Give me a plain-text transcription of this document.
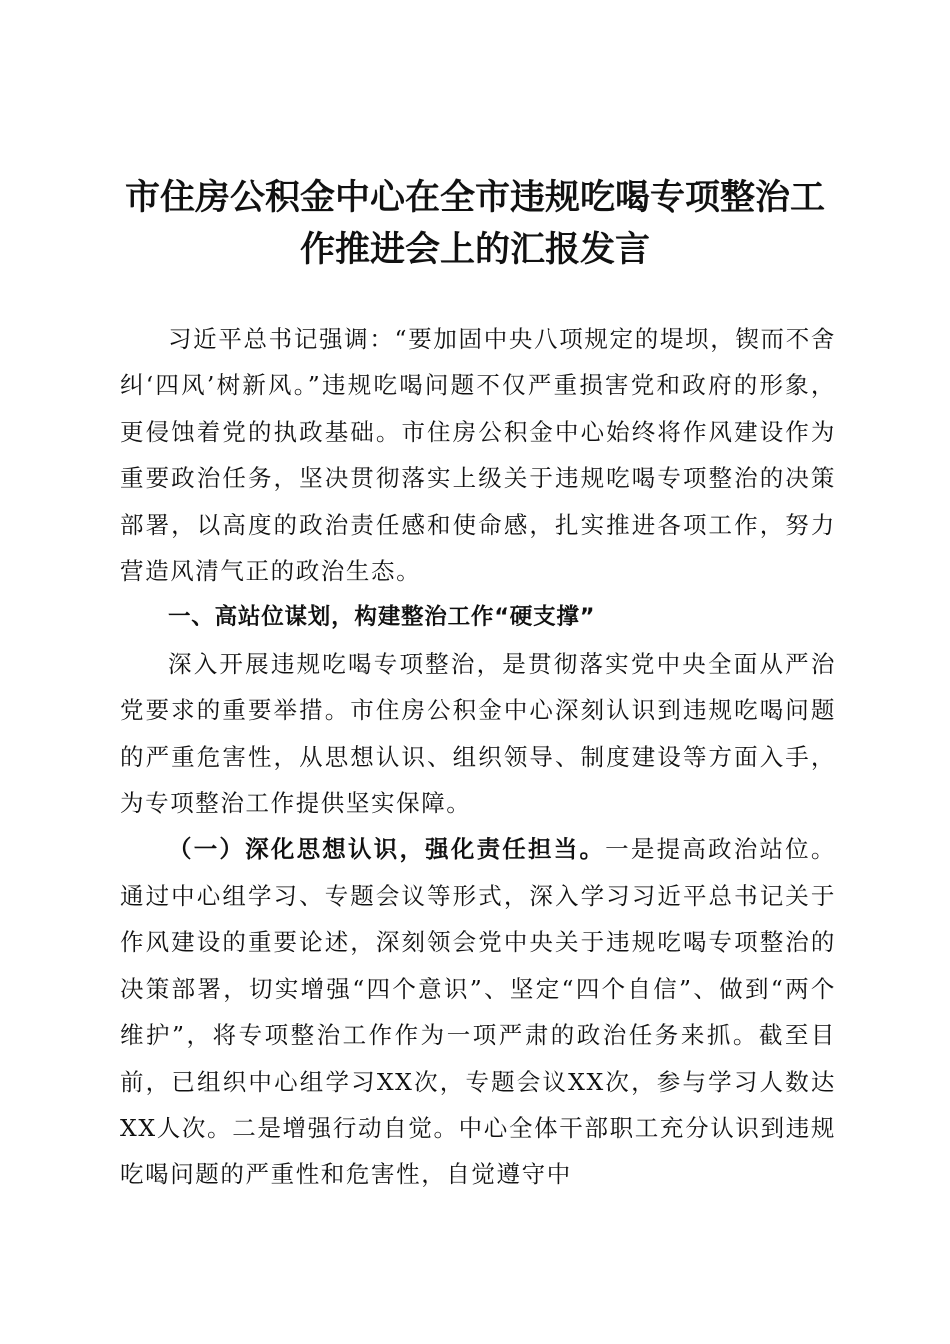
市住房公积金中心在全市违规吃喝专项整治工
作推进会上的汇报发言

习近平总书记强调：“要加固中央八项规定的堤坝，锲而不舍纠‘四风’树新风。”违规吃喝问题不仅严重损害党和政府的形象，更侵蚀着党的执政基础。市住房公积金中心始终将作风建设作为重要政治任务，坚决贯彻落实上级关于违规吃喝专项整治的决策部署，以高度的政治责任感和使命感，扎实推进各项工作，努力营造风清气正的政治生态。

一、高站位谋划，构建整治工作“硬支撑”

深入开展违规吃喝专项整治，是贯彻落实党中央全面从严治党要求的重要举措。市住房公积金中心深刻认识到违规吃喝问题的严重危害性，从思想认识、组织领导、制度建设等方面入手，为专项整治工作提供坚实保障。

（一）深化思想认识，强化责任担当。一是提高政治站位。通过中心组学习、专题会议等形式，深入学习习近平总书记关于作风建设的重要论述，深刻领会党中央关于违规吃喝专项整治的决策部署，切实增强“四个意识”、坚定“四个自信”、做到“两个维护”，将专项整治工作作为一项严肃的政治任务来抓。截至目前，已组织中心组学习XX次，专题会议XX次，参与学习人数达XX人次。二是增强行动自觉。中心全体干部职工充分认识到违规吃喝问题的严重性和危害性，自觉遵守中
